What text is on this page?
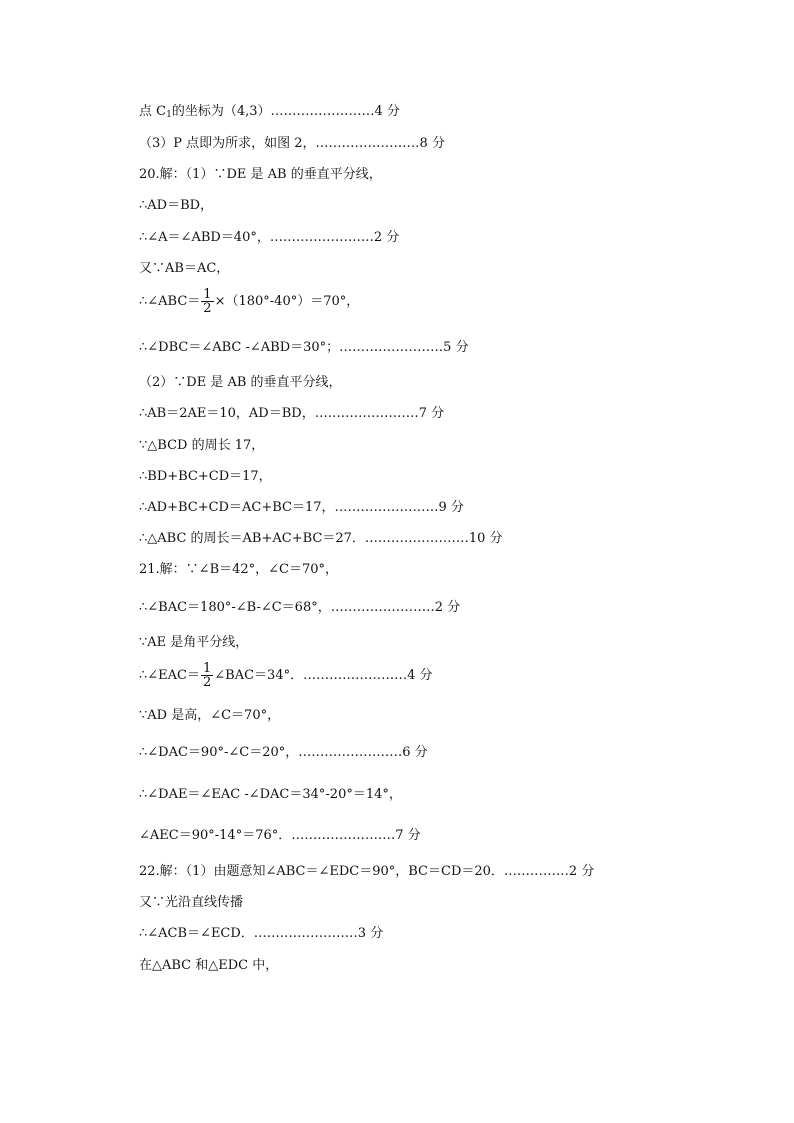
点 $C_1$的坐标为（4,3）……………………4 分
（3）P 点即为所求，如图 2，……………………8 分
20.解：（1）∵DE 是 AB 的垂直平分线，
∴AD＝BD，
∴∠A＝∠ABD＝40°，……………………2 分
又∵AB＝AC，
∴∠ABC＝ $\frac{1}{2} \times(180^\circ-40^\circ)=70^\circ$，
∴∠DBC＝∠ABC -∠ABD＝30°；……………………5 分
（2）∵DE 是 AB 的垂直平分线，
∴AB＝2AE＝10，AD＝BD，……………………7 分
∵△BCD 的周长 17，
∴BD+BC+CD＝17，
∴AD+BC+CD＝AC+BC＝17，……………………9 分
∴△ABC 的周长＝AB+AC+BC＝27．……………………10 分
21.解：∵∠B＝42°，∠C＝70°，
∴∠BAC＝180°-∠B-∠C＝68°，……………………2 分
∵AE 是角平分线，
∴∠EAC＝ $\frac{1}{2}$ ∠BAC＝34°．……………………4 分
∵AD 是高，∠C＝70°，
∴∠DAC＝90°-∠C＝20°，……………………6 分
∴∠DAE＝∠EAC -∠DAC＝34°-20°＝14°，
∠AEC＝90°-14°＝76°．……………………7 分
22.解：（1）由题意知∠ABC＝∠EDC＝90°，BC＝CD＝20．……………2 分
又∵光沿直线传播
∴∠ACB＝∠ECD．……………………3 分
在△ABC 和△EDC 中，
